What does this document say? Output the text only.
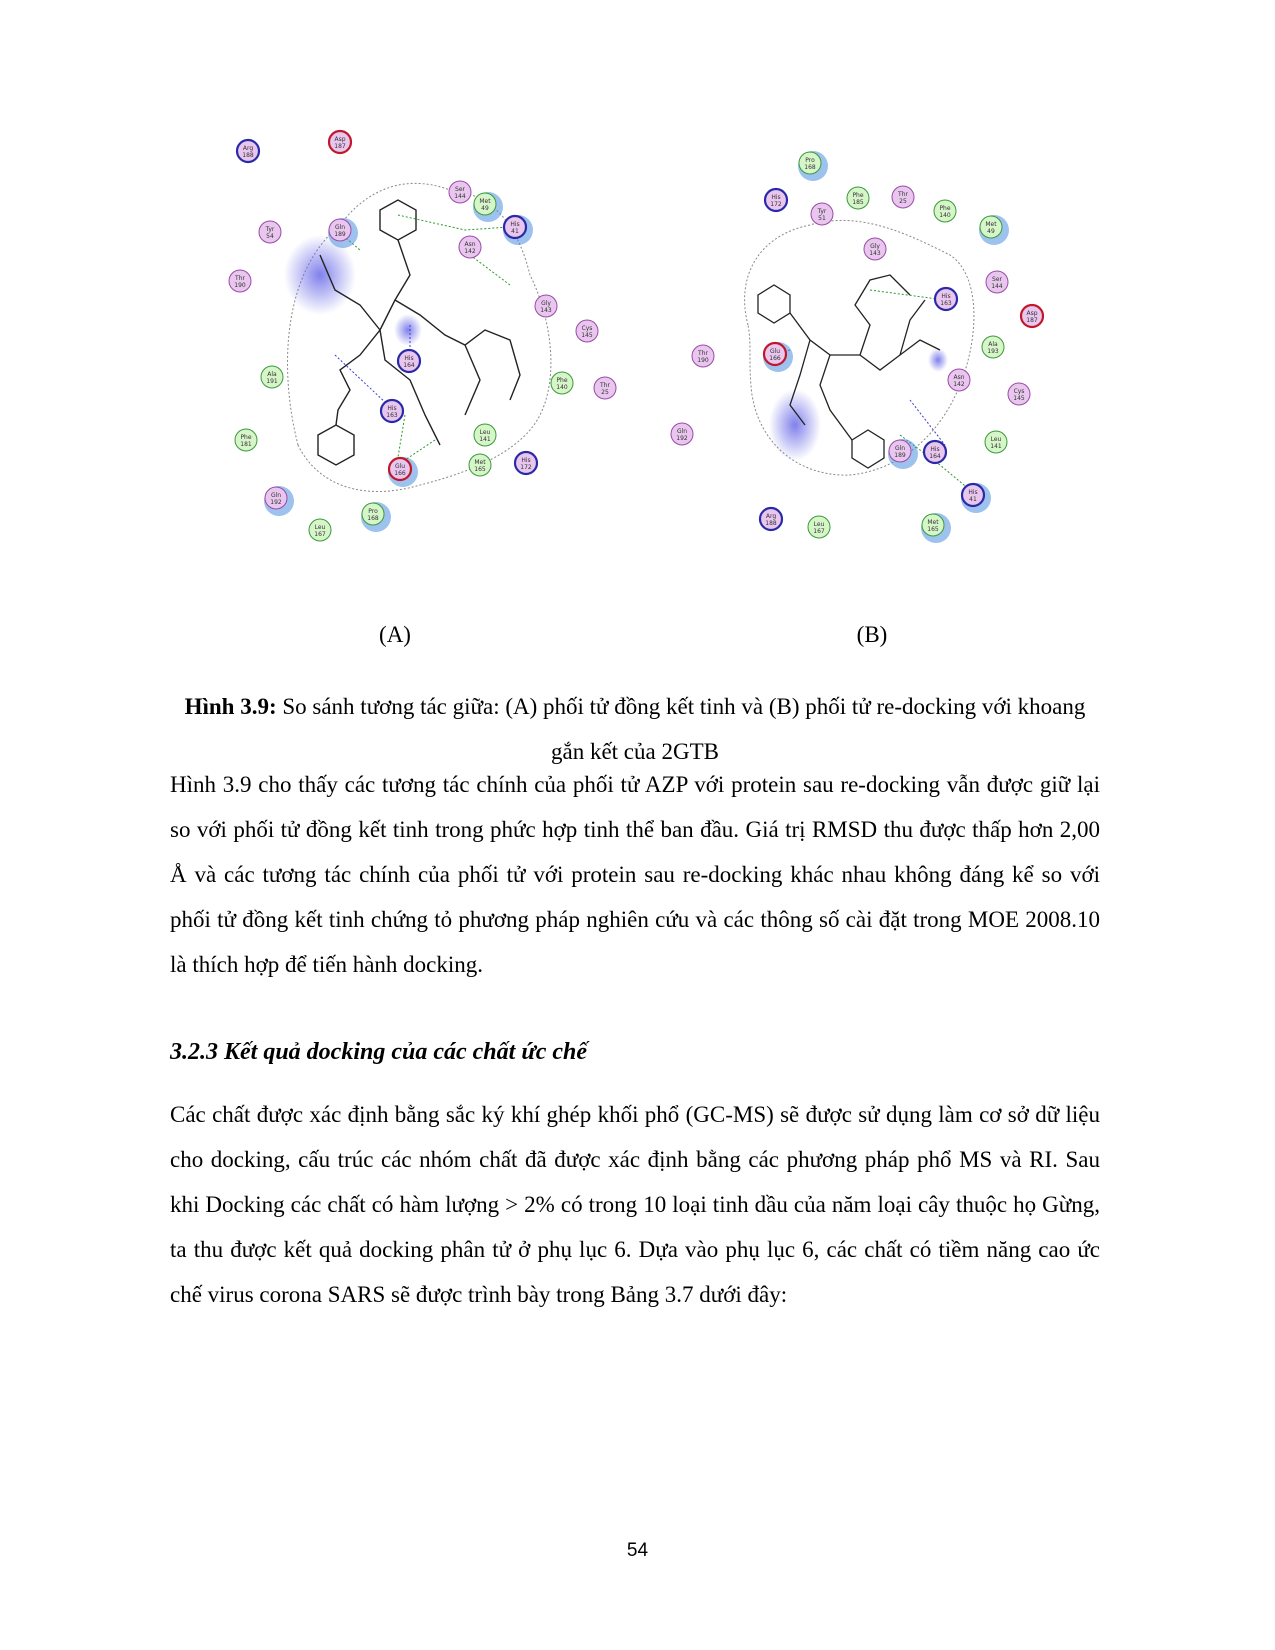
Arg
188
Asp
187
Tyr
54
Gln
189
Ser
144
Met
49
His
41
Asn
142
Thr
190
Gly
143
Cys
145
His
164
Ala
191	Phe
140	Thr
25
His
163
Phe
181
Leu
141
Glu
166
Met
165
His
172
Gln
192
Pro
168
Leu
167
Pro
168
His
172
Phe
185
Thr
25
Tyr
51
Phe
140
Met
49
Gly
143
Ser
144
Asp
187
His
163
Ala
193
Glu
166
Thr
190
Asn
142
Cys
145
Gln
192
Gln
189
His
164
Leu
141
His
41
Arg
188	Leu
167
Met
165
(A)	(B)
Hình 3.9: So sánh tương tác giữa: (A) phối tử đồng kết tinh và (B) phối tử re-docking với khoang gắn kết của 2GTB
Hình 3.9 cho thấy các tương tác chính của phối tử AZP với protein sau re-docking vẫn được giữ lại so với phối tử đồng kết tinh trong phức hợp tinh thể ban đầu. Giá trị RMSD thu được thấp hơn 2,00 Å và các tương tác chính của phối tử với protein sau re-docking khác nhau không đáng kể so với phối tử đồng kết tinh chứng tỏ phương pháp nghiên cứu và các thông số cài đặt trong MOE 2008.10 là thích hợp để tiến hành docking.
3.2.3 Kết quả docking của các chất ức chế
Các chất được xác định bằng sắc ký khí ghép khối phổ (GC-MS) sẽ được sử dụng làm cơ sở dữ liệu cho docking, cấu trúc các nhóm chất đã được xác định bằng các phương pháp phổ MS và RI. Sau khi Docking các chất có hàm lượng > 2% có trong 10 loại tinh dầu của năm loại cây thuộc họ Gừng, ta thu được kết quả docking phân tử ở phụ lục 6. Dựa vào phụ lục 6, các chất có tiềm năng cao ức chế virus corona SARS sẽ được trình bày trong Bảng 3.7 dưới đây:
54
